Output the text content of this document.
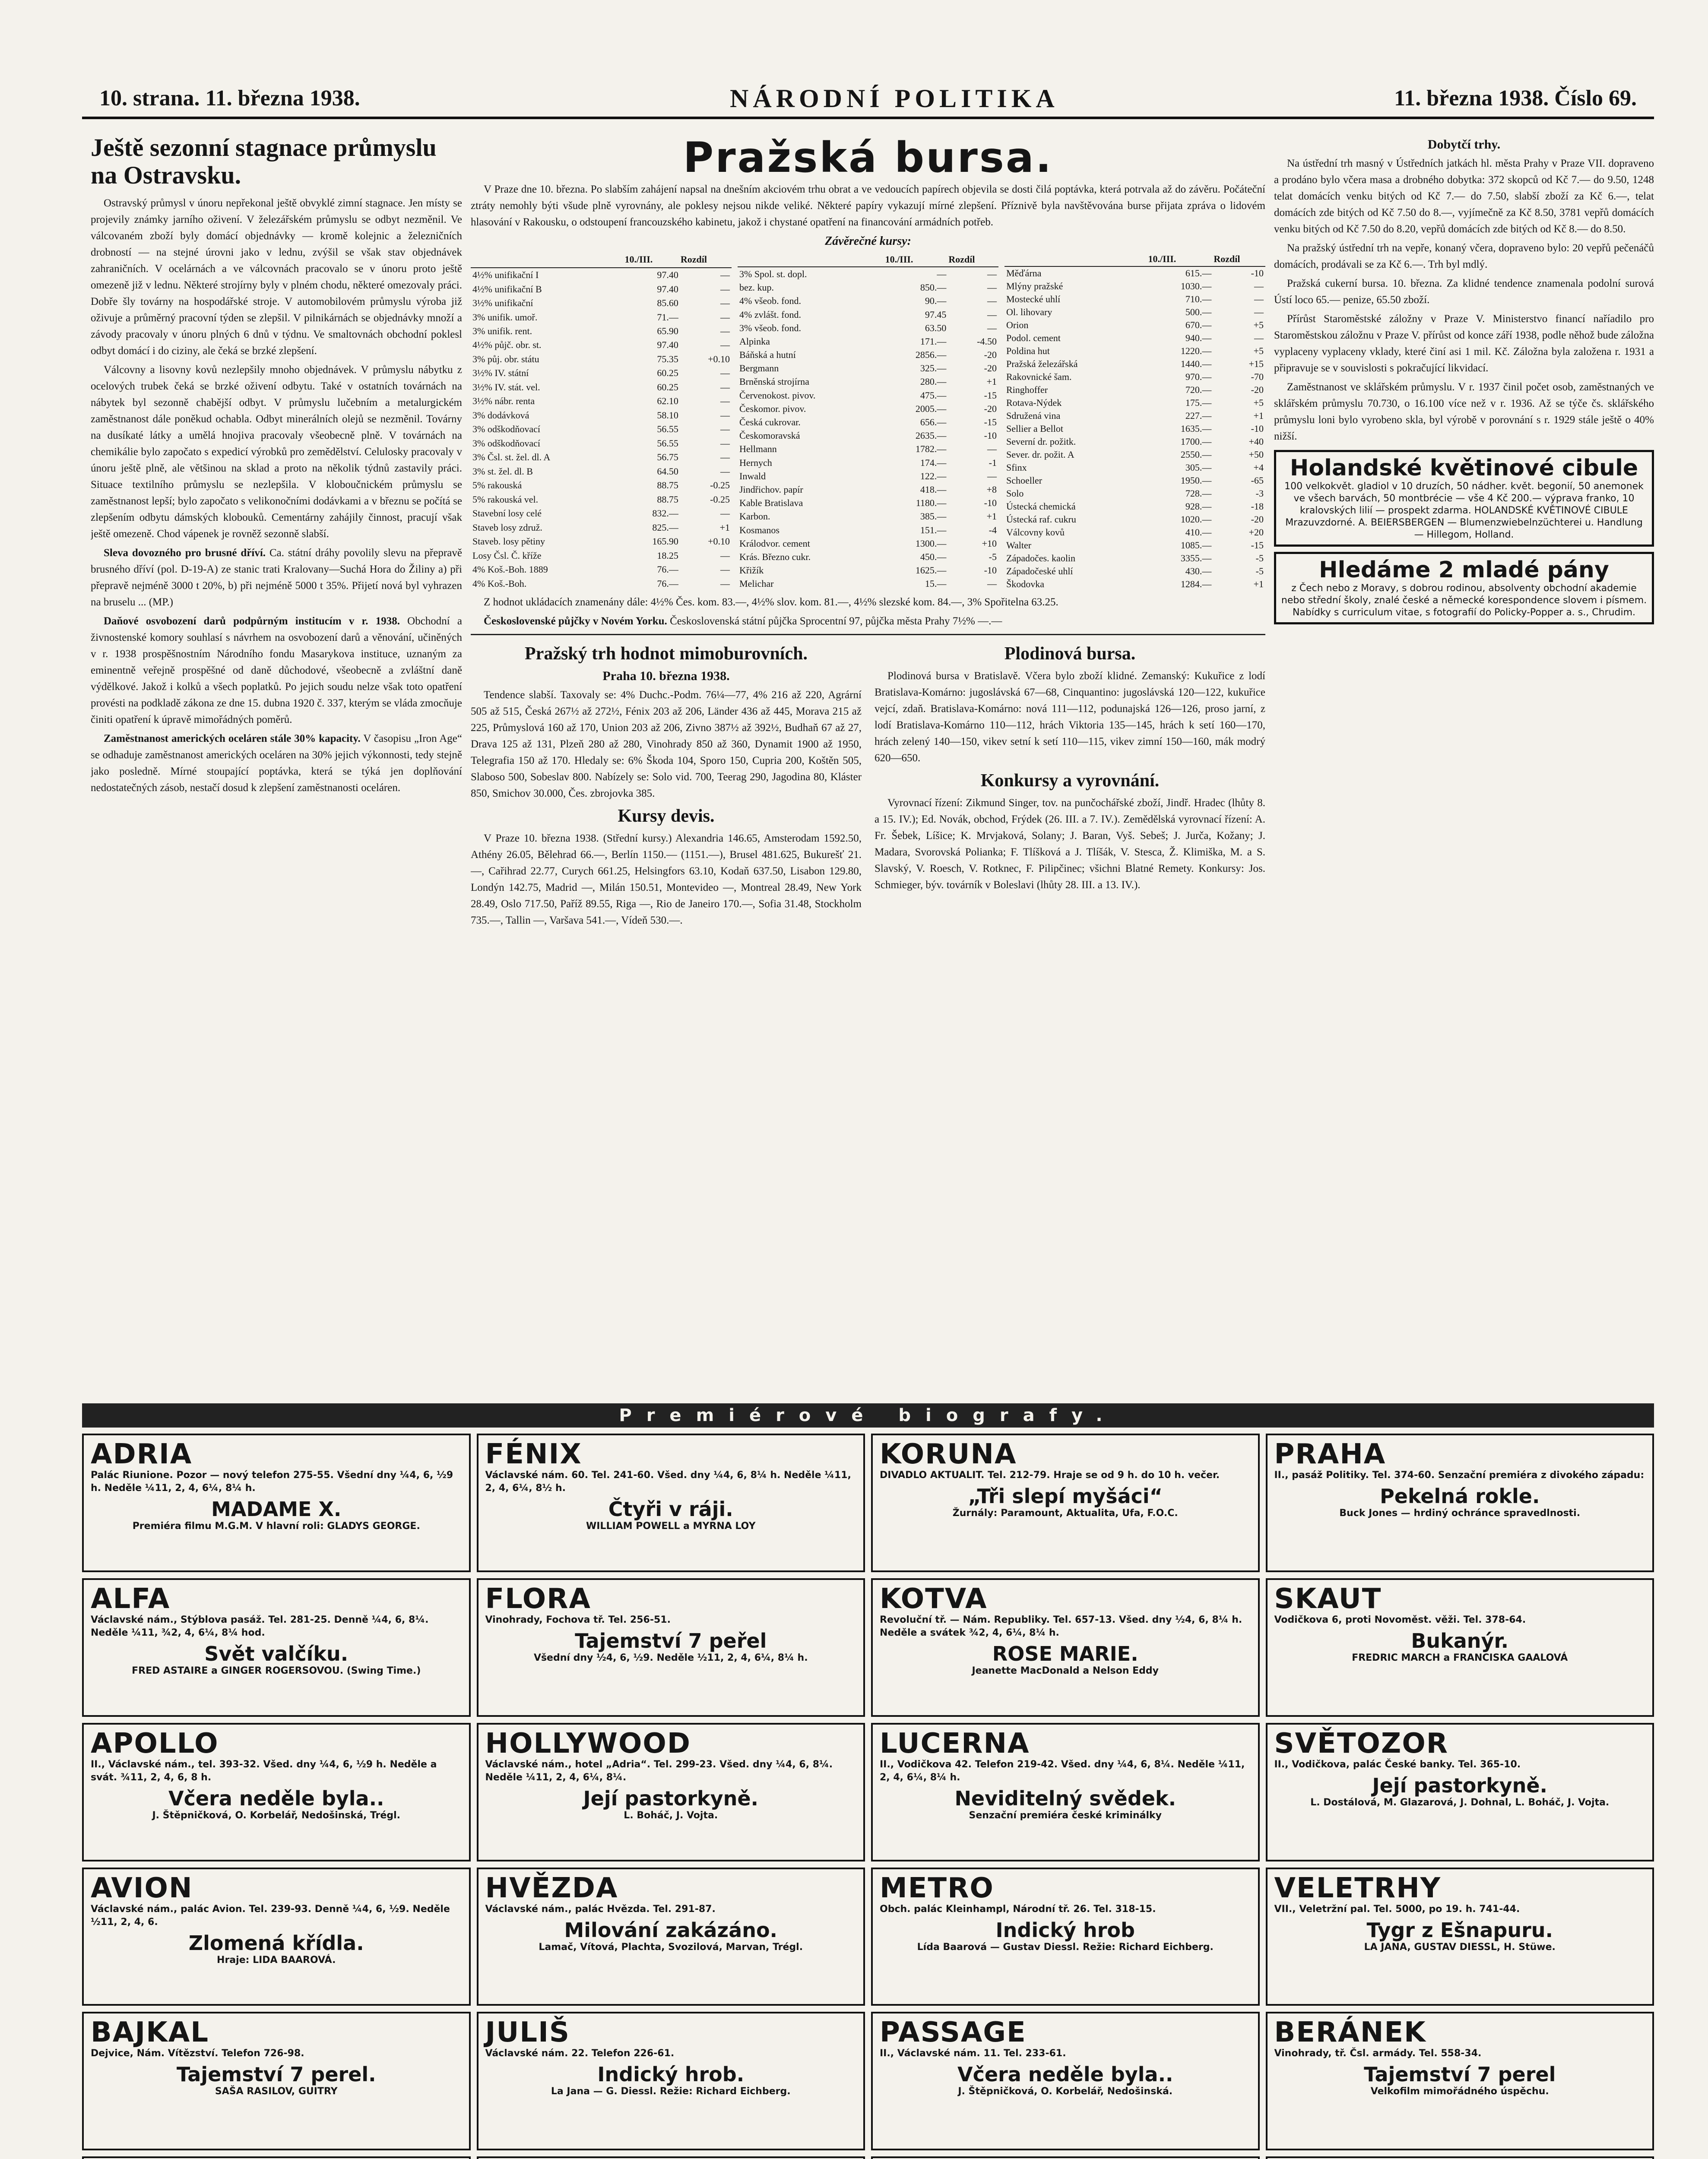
10. strana. 11. března 1938.	NÁRODNÍ POLITIKA	11. března 1938. Číslo 69.
Ještě sezonní stagnace průmyslu na Ostravsku.

Ostravský průmysl v únoru nepřekonal ještě obvyklé zimní stagnace. Jen místy se projevily známky jarního oživení. V železářském průmyslu se odbyt nezměnil. Ve válcovaném zboží byly domácí objednávky — kromě kolejnic a železničních drobností — na stejné úrovni jako v lednu, zvýšil se však stav objednávek zahraničních. V ocelárnách a ve válcovnách pracovalo se v únoru proto ještě omezeně již v lednu. Některé strojírny byly v plném chodu, některé omezovaly práci. Dobře šly továrny na hospodářské stroje. V automobilovém průmyslu výroba již oživuje a průměrný pracovní týden se zlepšil. V pilnikárnách se objednávky množí a závody pracovaly v únoru plných 6 dnů v týdnu. Ve smaltovnách obchodní poklesl odbyt domácí i do ciziny, ale čeká se brzké zlepšení.

Válcovny a lisovny kovů nezlepšily mnoho objednávek. V průmyslu nábytku z ocelových trubek čeká se brzké oživení odbytu. Také v ostatních továrnách na nábytek byl sezonně chabější odbyt. V průmyslu lučebním a metalurgickém zaměstnanost dále poněkud ochabla. Odbyt minerálních olejů se nezměnil. Továrny na dusíkaté látky a umělá hnojiva pracovaly všeobecně plně. V továrnách na chemikálie bylo započato s expedicí výrobků pro zemědělství. Celulosky pracovaly v únoru ještě plně, ale většinou na sklad a proto na několik týdnů zastavily práci. Situace textilního průmyslu se nezlepšila. V kloboučnickém průmyslu se zaměstnanost lepší; bylo započato s velikonočními dodávkami a v březnu se počítá se zlepšením odbytu dámských klobouků. Cementárny zahájily činnost, pracují však ještě omezeně. Chod vápenek je rovněž sezonně slabší.

Sleva dovozného pro brusné dříví. Ca. státní dráhy povolily slevu na přepravě brusného dříví (pol. D-19-A) ze stanic trati Kralovany—Suchá Hora do Žiliny a) při přepravě nejméně 3000 t 20%, b) při nejméně 5000 t 35%. Přijetí nová byl vyhrazen na bruselu ... (MP.)

Daňové osvobození darů podpůrným institucím v r. 1938. Obchodní a živnostenské komory souhlasí s návrhem na osvobození darů a věnování, učiněných v r. 1938 prospěšnostním Národního fondu Masarykova instituce, uznaným za eminentně veřejně prospěšné od daně důchodové, všeobecně a zvláštní daně výdělkové. Jakož i kolků a všech poplatků. Po jejich soudu nelze však toto opatření provésti na podkladě zákona ze dne 15. dubna 1920 č. 337, kterým se vláda zmocňuje činiti opatření k úpravě mimořádných poměrů.

Zaměstnanost amerických oceláren stále 30% kapacity. V časopisu „Iron Age“ se odhaduje zaměstnanost amerických oceláren na 30% jejich výkonnosti, tedy stejně jako posledně. Mírné stoupající poptávka, která se týká jen doplňování nedostatečných zásob, nestačí dosud k zlepšení zaměstnanosti oceláren.

Pražská bursa.

V Praze dne 10. března. Po slabším zahájení napsal na dnešním akciovém trhu obrat a ve vedoucích papírech objevila se dosti čilá poptávka, která potrvala až do závěru. Počáteční ztráty nemohly býti všude plně vyrovnány, ale poklesy nejsou nikde veliké. Některé papíry vykazují mírné zlepšení. Příznivě byla navštěvována burse přijata zpráva o lidovém hlasování v Rakousku, o odstoupení francouzského kabinetu, jakož i chystané opatření na financování armádních potřeb.

Závěrečné kursy:
	10./III.	Rozdíl
4½% unifikační I	97.40	—
4½% unifikační B	97.40	—
3½% unifikační	85.60	—
3% unifik. umoř.	71.—	—
3% unifik. rent.	65.90	—
4½% půjč. obr. st.	97.40	—
3% půj. obr. státu	75.35	+0.10
3½% IV. státní	60.25	—
3½% IV. stát. vel.	60.25	—
3½% nábr. renta	62.10	—
3% dodávková	58.10	—
3% odškodňovací	56.55	—
3% odškodňovací	56.55	—
3% Čsl. st. žel. dl. A	56.75	—
3% st. žel. dl. B	64.50	—
5% rakouská	88.75	-0.25
5% rakouská vel.	88.75	-0.25
Stavební losy celé	832.—	—
Staveb losy združ.	825.—	+1
Staveb. losy pětiny	165.90	+0.10
Losy Čsl. Č. kříže	18.25	—
4% Koš.-Boh. 1889	76.—	—
4% Koš.-Boh.	76.—	—
	10./III.	Rozdíl
3% Spol. st. dopl.	—	—
bez. kup.	850.—	—
4% všeob. fond.	90.—	—
4% zvlášt. fond.	97.45	—
3% všeob. fond.	63.50	—
Alpinka	171.—	-4.50
Báňská a hutní	2856.—	-20
Bergmann	325.—	-20
Brněnská strojírna	280.—	+1
Červenokost. pivov.	475.—	-15
Českomor. pivov.	2005.—	-20
Česká cukrovar.	656.—	-15
Českomoravská	2635.—	-10
Hellmann	1782.—	—
Hernych	174.—	-1
Inwald	122.—	—
Jindřichov. papír	418.—	+8
Kable Bratislava	1180.—	-10
Karbon.	385.—	+1
Kosmanos	151.—	-4
Králodvor. cement	1300.—	+10
Krás. Březno cukr.	450.—	-5
Křižík	1625.—	-10
Melichar	15.—	—
	10./III.	Rozdíl
Měďárna	615.—	-10
Mlýny pražské	1030.—	—
Mostecké uhlí	710.—	—
Ol. lihovary	500.—	—
Orion	670.—	+5
Podol. cement	940.—	—
Poldina hut	1220.—	+5
Pražská železářská	1440.—	+15
Rakovnické šam.	970.—	-70
Ringhoffer	720.—	-20
Rotava-Nýdek	175.—	+5
Sdružená vina	227.—	+1
Sellier a Bellot	1635.—	-10
Severní dr. požitk.	1700.—	+40
Sever. dr. požit. A	2550.—	+50
Sfinx	305.—	+4
Schoeller	1950.—	-65
Solo	728.—	-3
Ústecká chemická	928.—	-18
Ústecká raf. cukru	1020.—	-20
Válcovny kovů	410.—	+20
Walter	1085.—	-15
Západočes. kaolin	3355.—	-5
Západočeské uhlí	430.—	-5
Škodovka	1284.—	+1

Z hodnot ukládacích znamenány dále: 4½% Čes. kom. 83.—, 4½% slov. kom. 81.—, 4½% slezské kom. 84.—, 3% Spořitelna 63.25.

Československé půjčky v Novém Yorku. Československá státní půjčka Sprocentní 97, půjčka města Prahy 7½% —.—

Pražský trh hodnot mimoburovních.
Praha 10. března 1938.

Tendence slabší. Taxovaly se: 4% Duchc.-Podm. 76¼—77, 4% 216 až 220, Agrární 505 až 515, Česká 267½ až 272½, Fénix 203 až 206, Länder 436 až 445, Morava 215 až 225, Průmyslová 160 až 170, Union 203 až 206, Zivno 387½ až 392½, Budhaň 67 až 27, Drava 125 až 131, Plzeň 280 až 280, Vinohrady 850 až 360, Dynamit 1900 až 1950, Telegrafia 150 až 170. Hledaly se: 6% Škoda 104, Sporo 150, Cupria 200, Koštěn 505, Slaboso 500, Sobeslav 800. Nabízely se: Solo vid. 700, Teerag 290, Jagodina 80, Kláster 850, Smichov 30.000, Čes. zbrojovka 385.

Kursy devis.

V Praze 10. března 1938. (Střední kursy.) Alexandria 146.65, Amsterodam 1592.50, Athény 26.05, Bělehrad 66.—, Berlín 1150.— (1151.—), Brusel 481.625, Bukurešť 21.—, Cařihrad 22.77, Curych 661.25, Helsingfors 63.10, Kodaň 637.50, Lisabon 129.80, Londýn 142.75, Madrid —, Milán 150.51, Montevideo —, Montreal 28.49, New York 28.49, Oslo 717.50, Paříž 89.55, Riga —, Rio de Janeiro 170.—, Sofia 31.48, Stockholm 735.—, Tallin —, Varšava 541.—, Vídeň 530.—.

Plodinová bursa.

Plodinová bursa v Bratislavě. Včera bylo zboží klidné. Zemanský: Kukuřice z lodí Bratislava-Komárno: jugoslávská 67—68, Cinquantino: jugoslávská 120—122, kukuřice vejcí, zdaň. Bratislava-Komárno: nová 111—112, podunajská 126—126, proso jarní, z lodí Bratislava-Komárno 110—112, hrách Viktoria 135—145, hrách k setí 160—170, hrách zelený 140—150, vikev setní k setí 110—115, vikev zimní 150—160, mák modrý 620—650.

Konkursy a vyrovnání.

Vyrovnací řízení: Zikmund Singer, tov. na punčochářské zboží, Jindř. Hradec (lhůty 8. a 15. IV.); Ed. Novák, obchod, Frýdek (26. III. a 7. IV.). Zemědělská vyrovnací řízení: A. Fr. Šebek, Líšice; K. Mrvjaková, Solany; J. Baran, Vyš. Sebeš; J. Jurča, Kožany; J. Madara, Svorovská Polianka; F. Tlíšková a J. Tlíšák, V. Stesca, Ž. Klimiška, M. a S. Slavský, V. Roesch, V. Rotknec, F. Pilipčinec; všichni Blatné Remety. Konkursy: Jos. Schmieger, býv. továrník v Boleslavi (lhůty 28. III. a 13. IV.).

Dobytčí trhy.

Na ústřední trh masný v Ústředních jatkách hl. města Prahy v Praze VII. dopraveno a prodáno bylo včera masa a drobného dobytka: 372 skopců od Kč 7.— do 9.50, 1248 telat domácích venku bitých od Kč 7.— do 7.50, slabší zboží za Kč 6.—, telat domácích zde bitých od Kč 7.50 do 8.—, vyjímečně za Kč 8.50, 3781 vepřů domácích venku bitých od Kč 7.50 do 8.20, vepřů domácích zde bitých od Kč 8.— do 8.50.

Na pražský ústřední trh na vepře, konaný včera, dopraveno bylo: 20 vepřů pečenáčů domácích, prodávali se za Kč 6.—. Trh byl mdlý.

Pražská cukerní bursa. 10. března. Za klidné tendence znamenala podolní surová Ústí loco 65.— penize, 65.50 zboží.

Přírůst Staroměstské záložny v Praze V. Ministerstvo financí naříadilo pro Staroměstskou záložnu v Praze V. přírůst od konce září 1938, podle něhož bude záložna vyplaceny vyplaceny vklady, které činí asi 1 mil. Kč. Záložna byla založena r. 1931 a připravuje se v souvislosti s pokračující likvidací.

Zaměstnanost ve sklářském průmyslu. V r. 1937 činil počet osob, zaměstnaných ve sklářském průmyslu 70.730, o 16.100 více než v r. 1936. Až se týče čs. sklářského průmyslu loni bylo vyrobeno skla, byl výrobě v porovnání s r. 1929 stále ještě o 40% nižší.

Holandské květinové cibule
100 velkokvět. gladiol v 10 druzích, 50 nádher. květ. begonií, 50 anemonek ve všech barvách, 50 montbrécie — vše 4 Kč 200.— výprava franko, 10 kralovských lilií — prospekt zdarma. HOLANDSKÉ KVĚTINOVÉ CIBULE Mrazuvzdorné. A. BEIERSBERGEN — Blumenzwiebelnzüchterei u. Handlung — Hillegom, Holland.
Hledáme 2 mladé pány
z Čech nebo z Moravy, s dobrou rodinou, absolventy obchodní akademie nebo střední školy, znalé české a německé korespondence slovem i písmem. Nabídky s curriculum vitae, s fotografií do Policky-Popper a. s., Chrudim.
Premiérové biografy.
ADRIA
Palác Riunione. Pozor — nový telefon 275-55. Všední dny ¼4, 6, ½9 h. Neděle ¼11, 2, 4, 6¼, 8¼ h.
MADAME X.
Premiéra filmu M.G.M. V hlavní roli: GLADYS GEORGE.
FÉNIX
Václavské nám. 60. Tel. 241-60. Všed. dny ¼4, 6, 8¼ h. Neděle ¼11, 2, 4, 6¼, 8½ h.
Čtyři v ráji.
WILLIAM POWELL a MYRNA LOY
KORUNA
DIVADLO AKTUALIT. Tel. 212-79. Hraje se od 9 h. do 10 h. večer.
„Tři slepí myšáci“
Žurnály: Paramount, Aktualita, Ufa, F.O.C.
PRAHA
II., pasáž Politiky. Tel. 374-60. Senzační premiéra z divokého západu:
Pekelná rokle.
Buck Jones — hrdiný ochránce spravedlnosti.
ALFA
Václavské nám., Stýblova pasáž. Tel. 281-25. Denně ¼4, 6, 8¼. Neděle ¼11, ¾2, 4, 6¼, 8¼ hod.
Svět valčíku.
FRED ASTAIRE a GINGER ROGERSOVOU. (Swing Time.)
FLORA
Vinohrady, Fochova tř. Tel. 256-51.
Tajemství 7 peřel
Všední dny ½4, 6, ½9. Neděle ½11, 2, 4, 6¼, 8¼ h.
KOTVA
Revoluční tř. — Nám. Republiky. Tel. 657-13. Všed. dny ½4, 6, 8¼ h. Neděle a svátek ¾2, 4, 6¼, 8¼ h.
ROSE MARIE.
Jeanette MacDonald a Nelson Eddy
SKAUT
Vodičkova 6, proti Novoměst. věži. Tel. 378-64.
Bukanýr.
FREDRIC MARCH a FRANCISKA GAALOVÁ
APOLLO
II., Václavské nám., tel. 393-32. Všed. dny ¼4, 6, ½9 h. Neděle a svát. ¾11, 2, 4, 6, 8 h.
Včera neděle byla..
J. Štěpničková, O. Korbelář, Nedošinská, Trégl.
HOLLYWOOD
Václavské nám., hotel „Adria“. Tel. 299-23. Všed. dny ¼4, 6, 8¼. Neděle ¼11, 2, 4, 6¼, 8¼.
Její pastorkyně.
L. Boháč, J. Vojta.
LUCERNA
II., Vodičkova 42. Telefon 219-42. Všed. dny ¼4, 6, 8¼. Neděle ¼11, 2, 4, 6¼, 8¼ h.
Neviditelný svědek.
Senzační premiéra české kriminálky
SVĚTOZOR
II., Vodičkova, palác České banky. Tel. 365-10.
Její pastorkyně.
L. Dostálová, M. Glazarová, J. Dohnal, L. Boháč, J. Vojta.
AVION
Václavské nám., palác Avion. Tel. 239-93. Denně ¼4, 6, ½9. Neděle ½11, 2, 4, 6.
Zlomená křídla.
Hraje: LIDA BAAROVÁ.
HVĚZDA
Václavské nám., palác Hvězda. Tel. 291-87.
Milování zakázáno.
Lamač, Vítová, Plachta, Svozilová, Marvan, Trégl.
METRO
Obch. palác Kleinhampl, Národní tř. 26. Tel. 318-15.
Indický hrob
Lída Baarová — Gustav Diessl. Režie: Richard Eichberg.
VELETRHY
VII., Veletržní pal. Tel. 5000, po 19. h. 741-44.
Tygr z Ešnapuru.
LA JANA, GUSTAV DIESSL, H. Stüwe.
BAJKAL
Dejvice, Nám. Vítězství. Telefon 726-98.
Tajemství 7 perel.
SAŠA RASILOV, GUITRY
JULIŠ
Václavské nám. 22. Telefon 226-61.
Indický hrob.
La Jana — G. Diessl. Režie: Richard Eichberg.
PASSAGE
II., Václavské nám. 11. Tel. 233-61.
Včera neděle byla..
J. Štěpničková, O. Korbelář, Nedošinská.
BERÁNEK
Vinohrady, tř. Čsl. armády. Tel. 558-34.
Tajemství 7 perel
Velkofilm mimořádného úspěchu.
